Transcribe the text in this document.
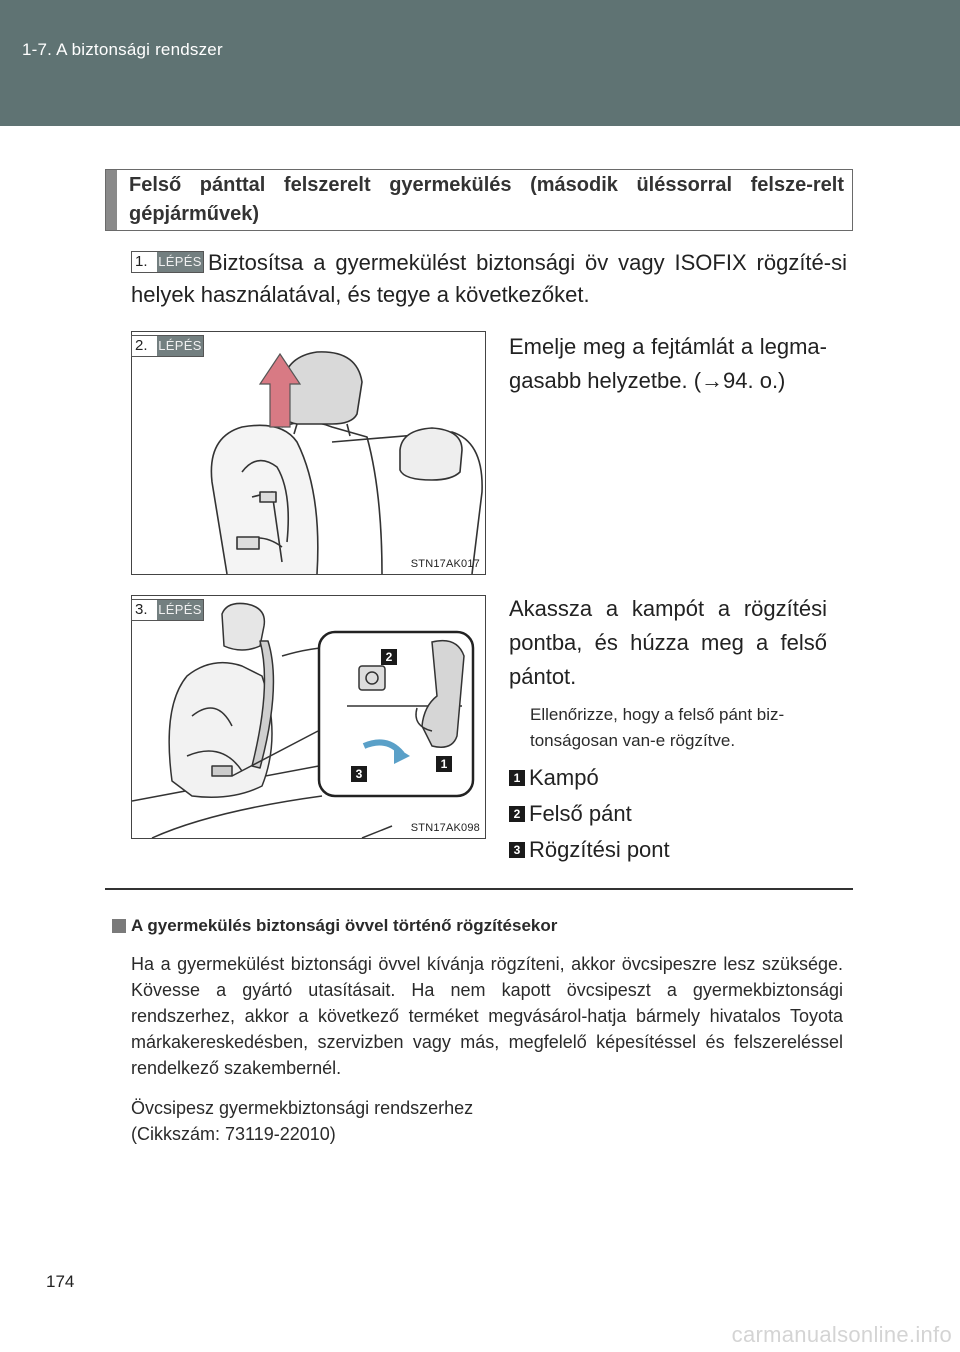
1-7. A biztonsági rendszer
Felső pánttal felszerelt gyermekülés (második üléssorral felsze-relt gépjárművek)
1. LÉPÉS Biztosítsa a gyermekülést biztonsági öv vagy ISOFIX rögzíté-si helyek használatával, és tegye a következőket.
STN17AK017
2. LÉPÉS	Emelje meg a fejtámlát a legma-gasabb helyzetbe. (→94. o.)
2
1
3
STN17AK098
3. LÉPÉS	Akassza a kampót a rögzítési pontba, és húzza meg a felső pántot.
Ellenőrizze, hogy a felső pánt biz-tonságosan van-e rögzítve.
1 Kampó
2 Felső pánt
3 Rögzítési pont
A gyermekülés biztonsági övvel történő rögzítésekor
Ha a gyermekülést biztonsági övvel kívánja rögzíteni, akkor övcsipeszre lesz szüksége. Kövesse a gyártó utasításait. Ha nem kapott övcsipeszt a gyermekbiztonsági rendszerhez, akkor a következő terméket megvásárol-hatja bármely hivatalos Toyota márkakereskedésben, szervizben vagy más, megfelelő képesítéssel és felszereléssel rendelkező szakembernél.
Övcsipesz gyermekbiztonsági rendszerhez
(Cikkszám: 73119-22010)
174
carmanualsonline.info
